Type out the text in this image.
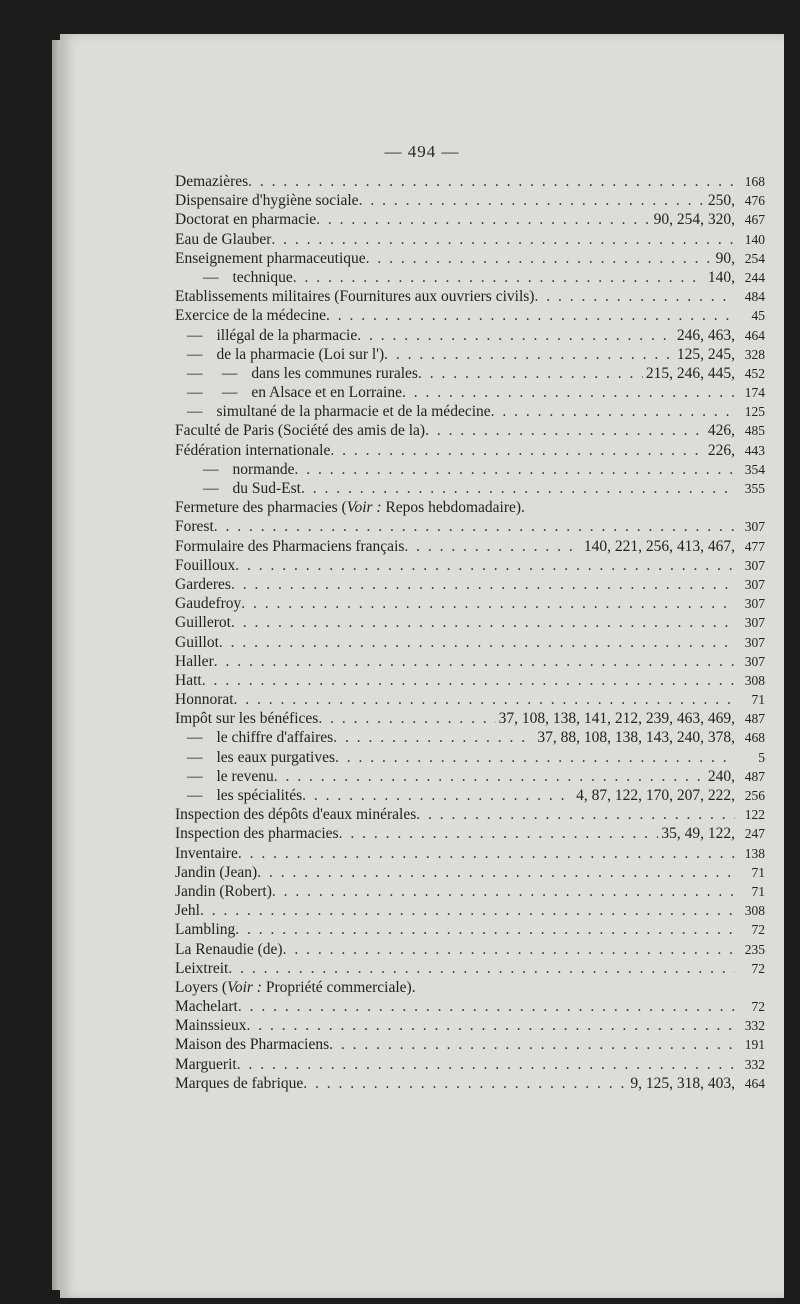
— 494 —
Demazières . . .	168
Dispensaire d'hygiène sociale . . .	250, 476
Doctorat en pharmacie . . .	90, 254, 320, 467
Eau de Glauber . . .	140
Enseignement pharmaceutique . . .	90, 254
— technique . . .	140, 244
Etablissements militaires (Fournitures aux ouvriers civils) . . .	484
Exercice de la médecine . . .	45
— illégal de la pharmacie . . .	246, 463, 464
— de la pharmacie (Loi sur l') . . .	125, 245, 328
—     — dans les communes rurales . . .	215, 246, 445, 452
—     — en Alsace et en Lorraine . . .	174
— simultané de la pharmacie et de la médecine . . .	125
Faculté de Paris (Société des amis de la) . . .	426, 485
Fédération internationale . . .	226, 443
— normande . . .	354
— du Sud-Est . . .	355
Fermeture des pharmacies ( Voir : Repos hebdomadaire).
Forest . . .	307
Formulaire des Pharmaciens français . . .	140, 221, 256, 413, 467, 477
Fouilloux . . .	307
Garderes . . .	307
Gaudefroy . . .	307
Guillerot . . .	307
Guillot . . .	307
Haller . . .	307
Hatt . . .	308
Honnorat . . .	71
Impôt sur les bénéfices . . .	37, 108, 138, 141, 212, 239, 463, 469, 487
— le chiffre d'affaires . . .	37, 88, 108, 138, 143, 240, 378, 468
— les eaux purgatives . . .	5
— le revenu . . .	240, 487
— les spécialités . . .	4, 87, 122, 170, 207, 222, 256
Inspection des dépôts d'eaux minérales . . .	122
Inspection des pharmacies . . .	35, 49, 122, 247
Inventaire . . .	138
Jandin (Jean) . . .	71
Jandin (Robert) . . .	71
Jehl . . .	308
Lambling . . .	72
La Renaudie (de) . . .	235
Leixtreit . . .	72
Loyers ( Voir : Propriété commerciale).
Machelart . . .	72
Mainssieux . . .	332
Maison des Pharmaciens . . .	191
Marguerit . . .	332
Marques de fabrique . . .	9, 125, 318, 403, 464
